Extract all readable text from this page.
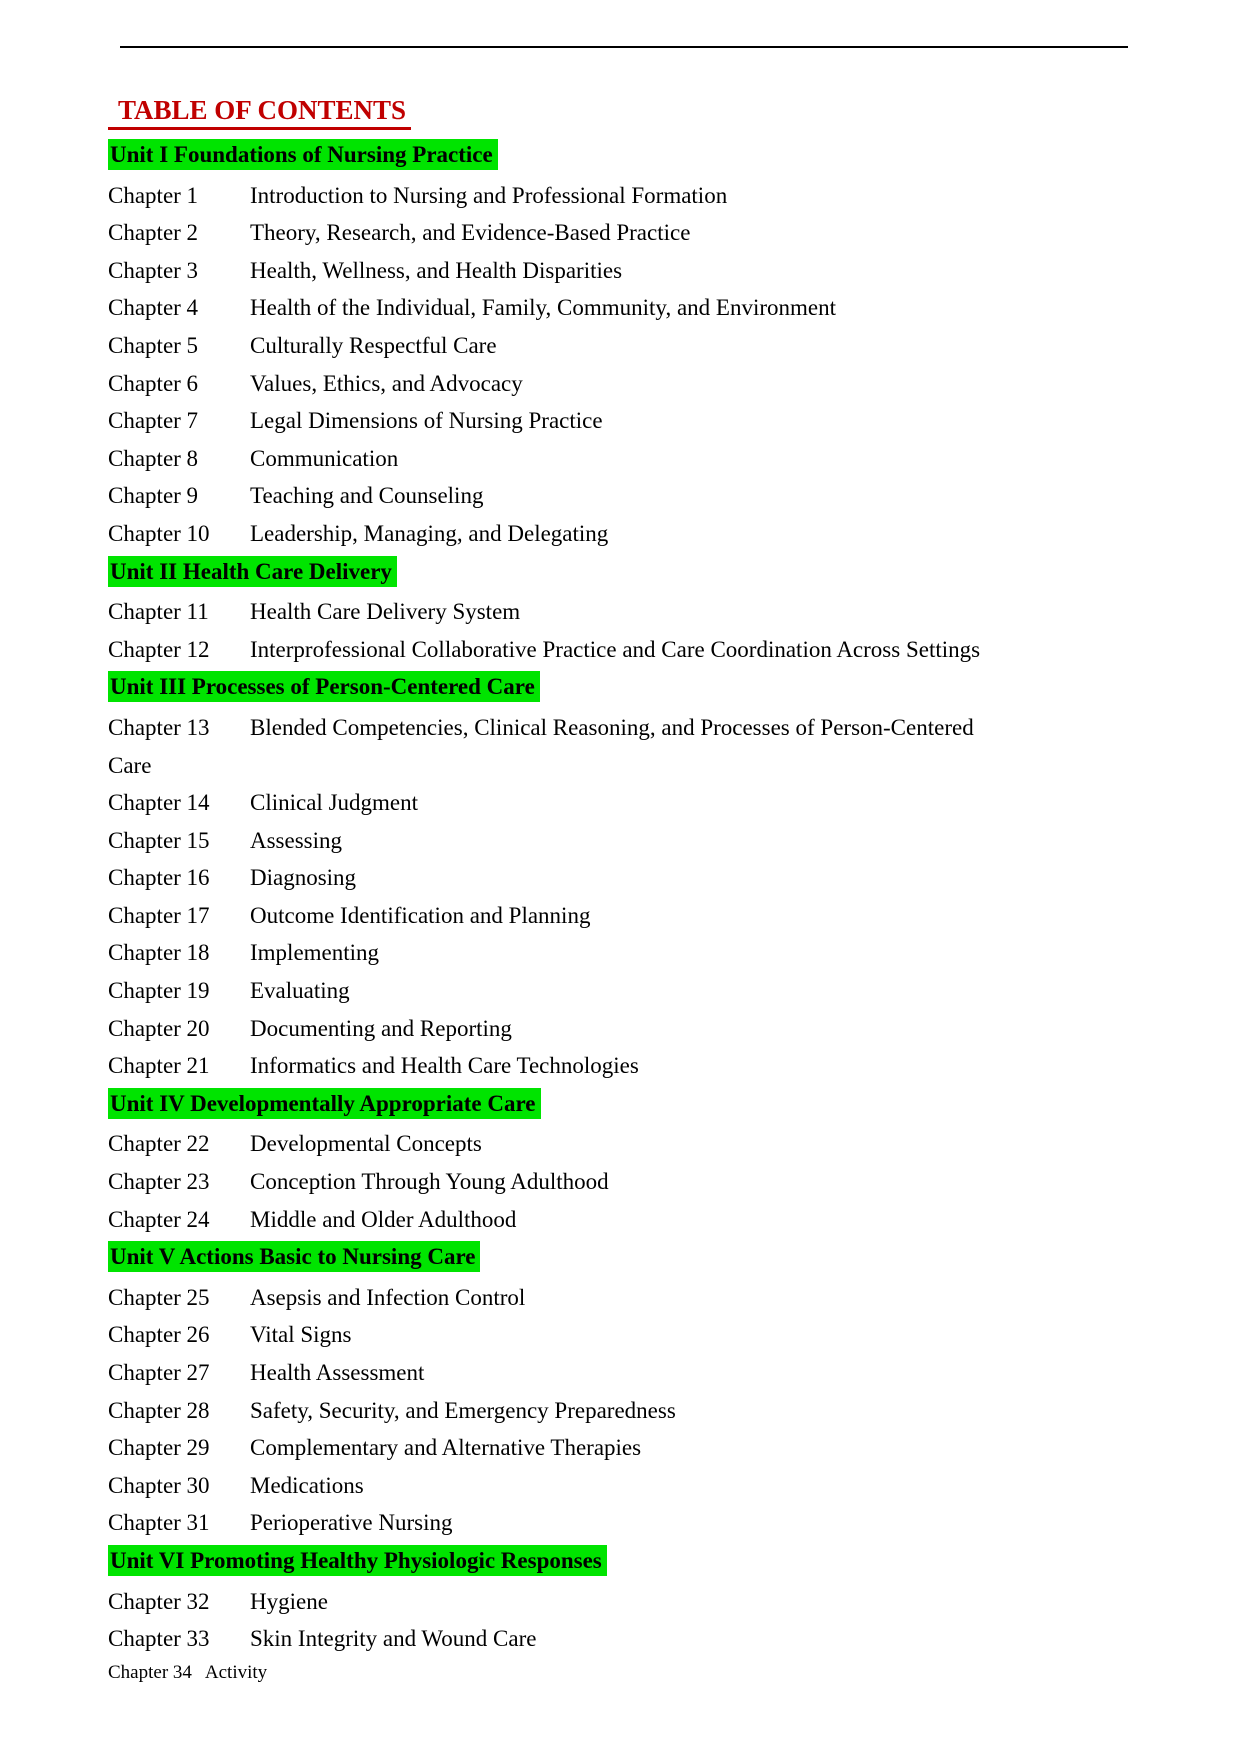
TABLE OF CONTENTS
Unit I Foundations of Nursing Practice
Chapter 1 Introduction to Nursing and Professional Formation
Chapter 2 Theory, Research, and Evidence-Based Practice
Chapter 3 Health, Wellness, and Health Disparities
Chapter 4 Health of the Individual, Family, Community, and Environment
Chapter 5 Culturally Respectful Care
Chapter 6 Values, Ethics, and Advocacy
Chapter 7 Legal Dimensions of Nursing Practice
Chapter 8 Communication
Chapter 9 Teaching and Counseling
Chapter 10 Leadership, Managing, and Delegating
Unit II Health Care Delivery
Chapter 11 Health Care Delivery System
Chapter 12 Interprofessional Collaborative Practice and Care Coordination Across Settings
Unit III Processes of Person-Centered Care
Chapter 13 Blended Competencies, Clinical Reasoning, and Processes of Person-Centered Care
Chapter 14 Clinical Judgment
Chapter 15 Assessing
Chapter 16 Diagnosing
Chapter 17 Outcome Identification and Planning
Chapter 18 Implementing
Chapter 19 Evaluating
Chapter 20 Documenting and Reporting
Chapter 21 Informatics and Health Care Technologies
Unit IV Developmentally Appropriate Care
Chapter 22 Developmental Concepts
Chapter 23 Conception Through Young Adulthood
Chapter 24 Middle and Older Adulthood
Unit V Actions Basic to Nursing Care
Chapter 25 Asepsis and Infection Control
Chapter 26 Vital Signs
Chapter 27 Health Assessment
Chapter 28 Safety, Security, and Emergency Preparedness
Chapter 29 Complementary and Alternative Therapies
Chapter 30 Medications
Chapter 31 Perioperative Nursing
Unit VI Promoting Healthy Physiologic Responses
Chapter 32 Hygiene
Chapter 33 Skin Integrity and Wound Care
Chapter 34 Activity
